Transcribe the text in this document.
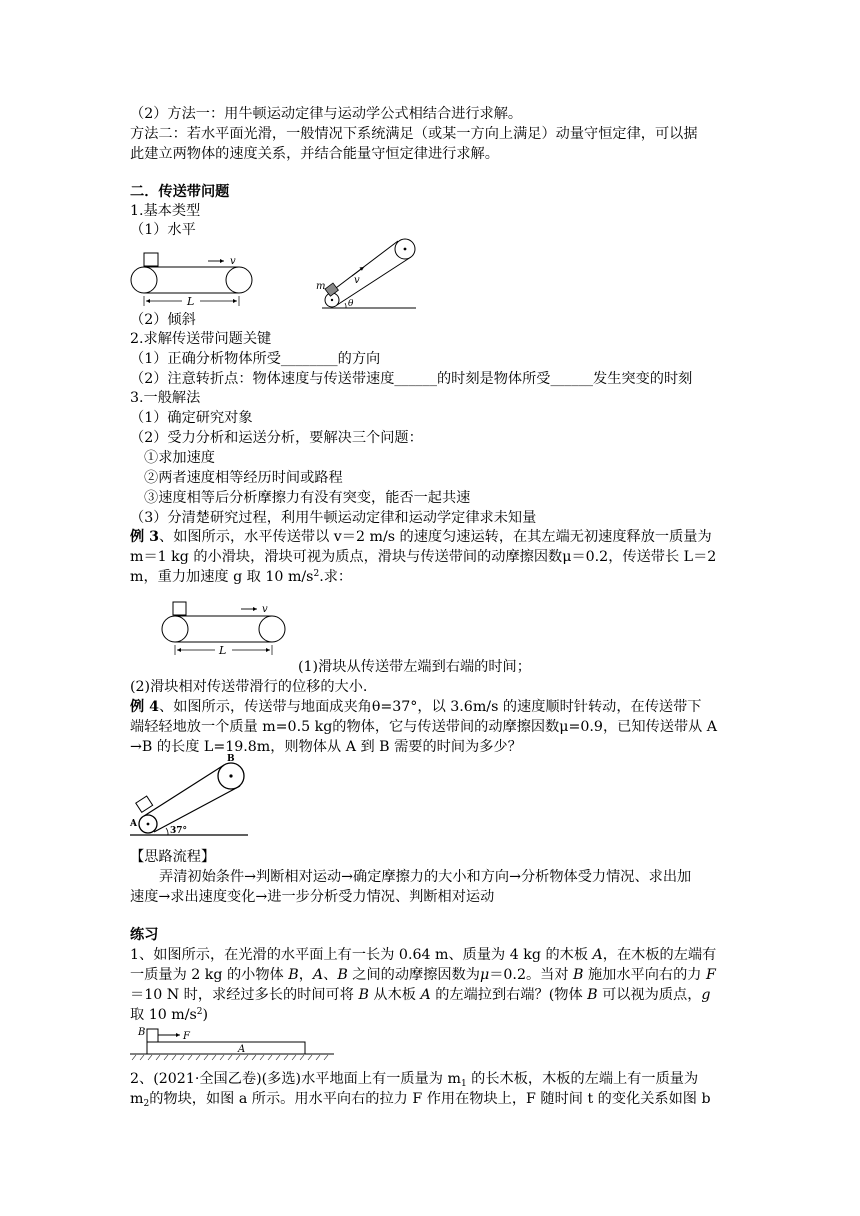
（2）方法一：用牛顿运动定律与运动学公式相结合进行求解。
方法二：若水平面光滑，一般情况下系统满足（或某一方向上满足）动量守恒定律，可以据
此建立两物体的速度关系，并结合能量守恒定律进行求解。
二．传送带问题
1.基本类型
（1）水平
v
L
m
v
θ
（2）倾斜
2.求解传送带问题关键
（1）正确分析物体所受________的方向
（2）注意转折点：物体速度与传送带速度______的时刻是物体所受______发生突变的时刻
3.一般解法
（1）确定研究对象
（2）受力分析和运送分析，要解决三个问题：
①求加速度
②两者速度相等经历时间或路程
③速度相等后分析摩擦力有没有突变，能否一起共速
（3）分清楚研究过程，利用牛顿运动定律和运动学定律求未知量
例 3、如图所示，水平传送带以 v＝2 m/s 的速度匀速运转，在其左端无初速度释放一质量为
m＝1 kg 的小滑块，滑块可视为质点，滑块与传送带间的动摩擦因数μ＝0.2，传送带长 L＝2
m，重力加速度 g 取 10 $m/s^2$.求：
v
L
(1)滑块从传送带左端到右端的时间；
(2)滑块相对传送带滑行的位移的大小.
例 4、如图所示，传送带与地面成夹角θ=37°，以 3.6m/s 的速度顺时针转动，在传送带下
端轻轻地放一个质量 m=0.5 kg的物体，它与传送带间的动摩擦因数μ=0.9，已知传送带从 A
→B 的长度 L=19.8m，则物体从 A 到 B 需要的时间为多少？
A
B
37°
【思路流程】
弄清初始条件→判断相对运动→确定摩擦力的大小和方向→分析物体受力情况、求出加
速度→求出速度变化→进一步分析受力情况、判断相对运动
练习
1、如图所示，在光滑的水平面上有一长为 0.64 m、质量为 4 kg 的木板 A，在木板的左端有
一质量为 2 kg 的小物体 B，A、B 之间的动摩擦因数为μ＝0.2。当对 B 施加水平向右的力 F
＝10 N 时，求经过多长的时间可将 B 从木板 A 的左端拉到右端？(物体 B 可以视为质点，g
取 10 $m/s^2$)
B	F
A
2、(2021·全国乙卷)(多选)水平地面上有一质量为 $m_1$ 的长木板，木板的左端上有一质量为
$m_2$的物块，如图 a 所示。用水平向右的拉力 F 作用在物块上，F 随时间 t 的变化关系如图 b
